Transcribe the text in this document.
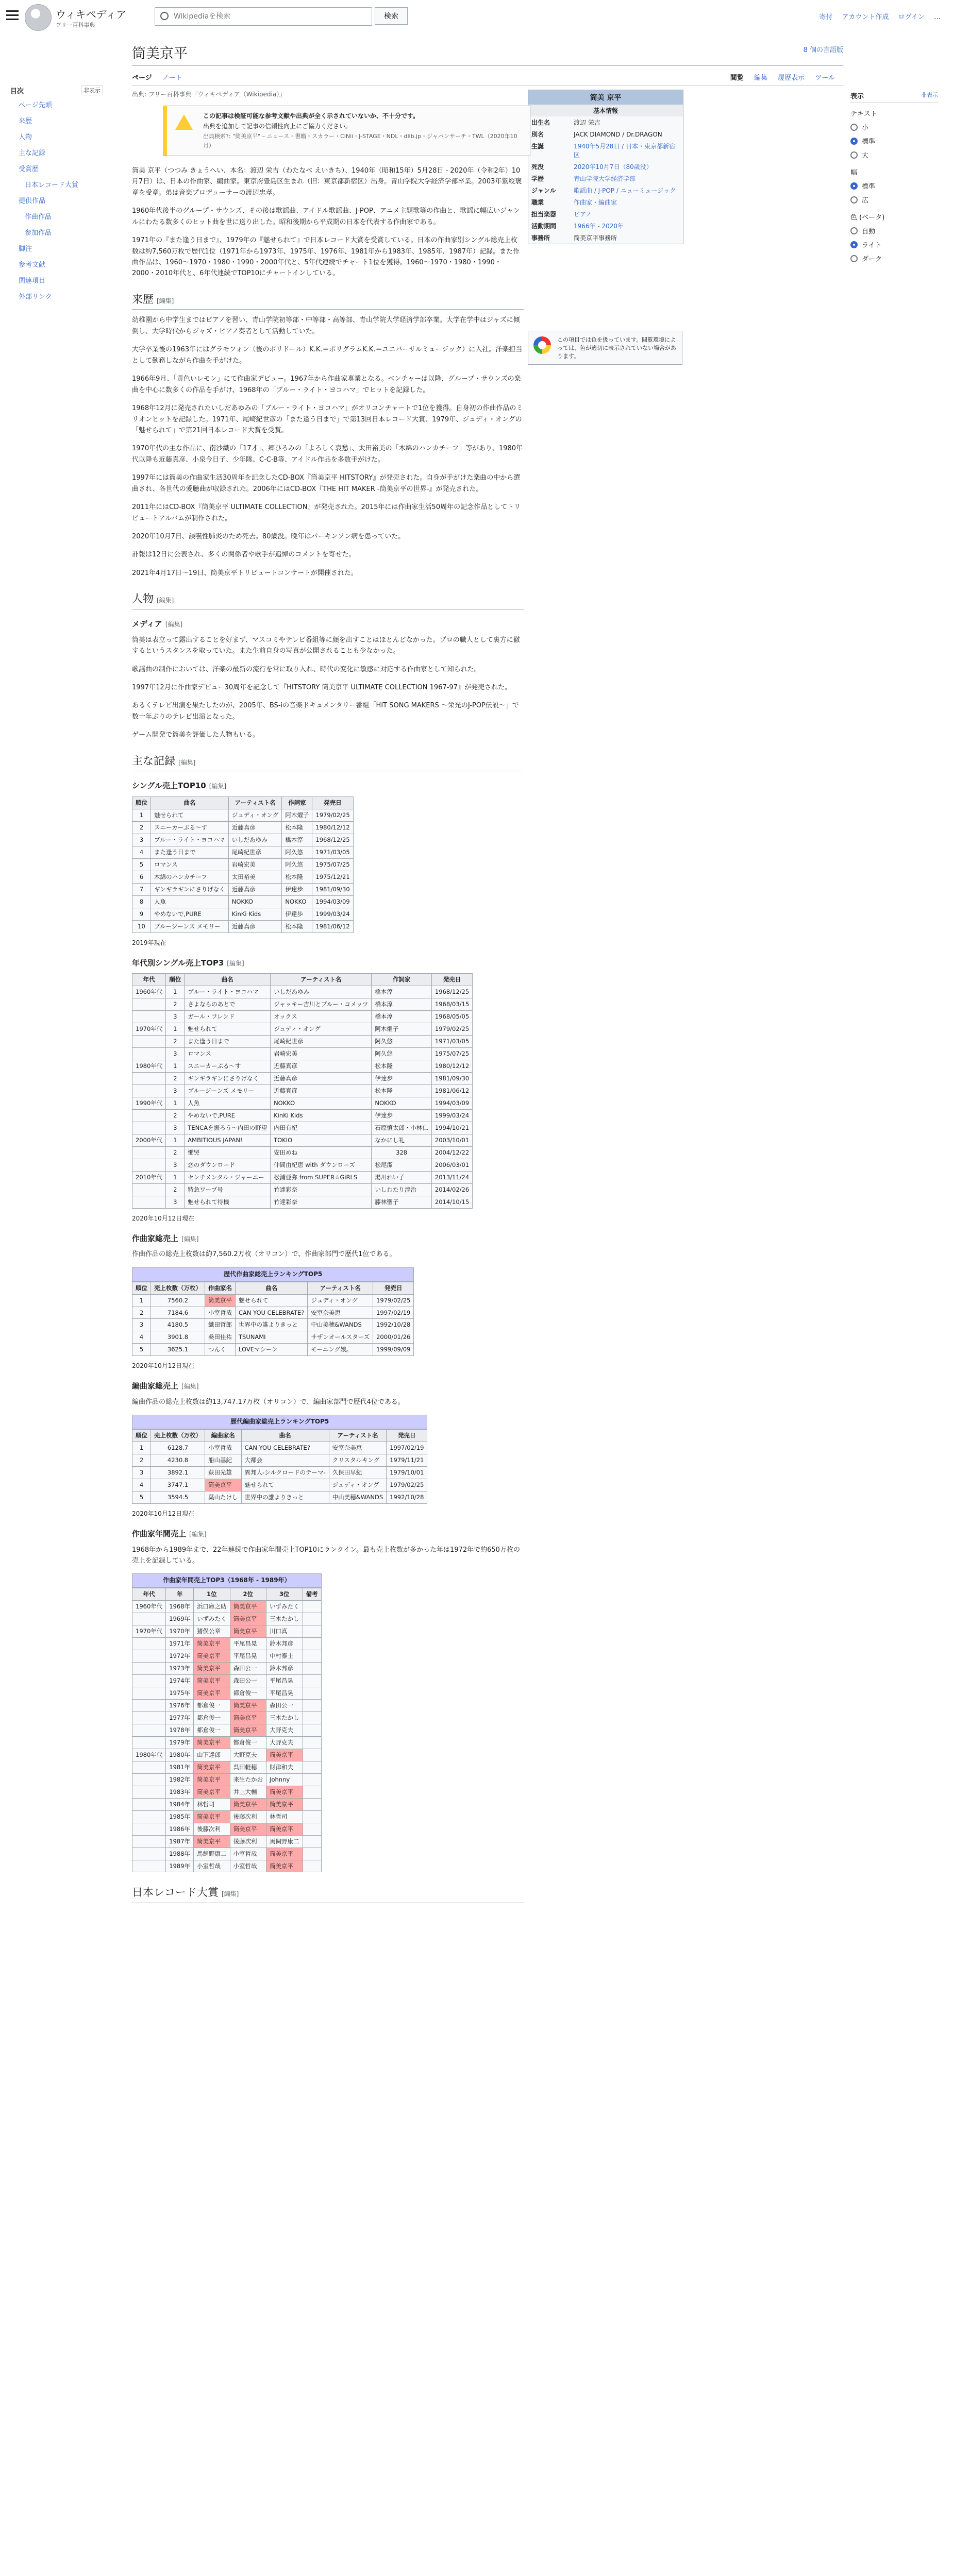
ウィキペディア
フリー百科事典
Wikipediaを検索
検索	寄付 アカウント作成 ログイン …
目次	非表示
ページ先頭
来歴
人物
主な記録
受賞歴
日本レコード大賞
提供作品
作曲作品
参加作品
脚注
参考文献
関連項目
外部リンク
表示	非表示
テキスト
小
標準
大
幅
標準
広
色 (ベータ)
自動
ライト
ダーク
筒美京平	8 個の言語版
ページ ノート	閲覧 編集 履歴表示 ツール
出典: フリー百科事典『ウィキペディア（Wikipedia）』	筒美 京平
基本情報
出生名	渡辺 栄吉
別名	JACK DIAMOND / Dr.DRAGON
生誕	1940年5月28日 / 日本・東京都新宿区
死没	2020年10月7日（80歳没）
学歴	青山学院大学経済学部
ジャンル	歌謡曲 / J-POP / ニューミュージック
職業	作曲家・編曲家
担当楽器	ピアノ
活動期間	1966年 - 2020年
事務所	筒美京平事務所
この項目では色を扱っています。閲覧環境によっては、色が適切に表示されていない場合があります。
この記事は検証可能な参考文献や出典が全く示されていないか、不十分です。
出典を追加して記事の信頼性向上にご協力ください。
出典検索?: "筒美京平" – ニュース・書籍・スカラー・CiNii・J-STAGE・NDL・dlib.jp・ジャパンサーチ・TWL（2020年10月）

筒美 京平（つつみ きょうへい、本名：渡辺 栄吉（わたなべ えいきち）、1940年（昭和15年）5月28日 - 2020年（令和2年）10月7日）は、日本の作曲家、編曲家。東京府豊島区生まれ（旧：東京都新宿区）出身。青山学院大学経済学部卒業。2003年紫綬褒章を受章。弟は音楽プロデューサーの渡辺忠孝。

1960年代後半のグループ・サウンズ、その後は歌謡曲、アイドル歌謡曲、J-POP、アニメ主題歌等の作曲と、歌謡に幅広いジャンルにわたる数多くのヒット曲を世に送り出した。昭和後期から平成期の日本を代表する作曲家である。

1971年の『また逢う日まで』、1979年の『魅せられて』で日本レコード大賞を受賞している。日本の作曲家別シングル総売上枚数は約7,560万枚で歴代1位（1971年から1973年、1975年、1976年、1981年から1983年、1985年、1987年）記録。また作曲作品は、1960～1970・1980・1990・2000年代と、5年代連続でチャート1位を獲得。1960～1970・1980・1990・2000・2010年代と、6年代連続でTOP10にチャートインしている。

来歴 [編集]

幼稚園から中学生まではピアノを習い、青山学院初等部・中等部・高等部、青山学院大学経済学部卒業。大学在学中はジャズに傾倒し、大学時代からジャズ・ピアノ奏者として活動していた。

大学卒業後の1963年にはグラモフォン（後のポリドール）K.K.＝ポリグラムK.K.＝ユニバーサルミュージック）に入社。洋楽担当として勤務しながら作曲を手がけた。

1966年9月、「黄色いレモン」にて作曲家デビュー。1967年から作曲家専業となる。ベンチャーは以降、グループ・サウンズの楽曲を中心に数多くの作品を手がけ、1968年の「ブルー・ライト・ヨコハマ」でヒットを記録した。

1968年12月に発売されたいしだあゆみの「ブルー・ライト・ヨコハマ」がオリコンチャートで1位を獲得。自身初の作曲作品のミリオンヒットを記録した。1971年、尾崎紀世彦の「また逢う日まで」で第13回日本レコード大賞、1979年、ジュディ・オングの「魅せられて」で第21回日本レコード大賞を受賞。

1970年代の主な作品に、南沙織の「17才」、郷ひろみの「よろしく哀愁」、太田裕美の「木綿のハンカチーフ」等があり、1980年代以降も近藤真彦、小泉今日子、少年隊、C-C-B等、アイドル作品を多数手がけた。

1997年には筒美の作曲家生活30周年を記念したCD-BOX『筒美京平 HITSTORY』が発売された。自身が手がけた楽曲の中から選曲され、各世代の愛聴曲が収録された。2006年にはCD-BOX『THE HIT MAKER -筒美京平の世界-』が発売された。

2011年にはCD-BOX『筒美京平 ULTIMATE COLLECTION』が発売された。2015年には作曲家生活50周年の記念作品としてトリビュートアルバムが制作された。

2020年10月7日、誤嚥性肺炎のため死去。80歳没。晩年はパーキンソン病を患っていた。

訃報は12日に公表され、多くの関係者や歌手が追悼のコメントを寄せた。

2021年4月17日〜19日、筒美京平トリビュートコンサートが開催された。

人物 [編集]
メディア [編集]

筒美は表立って露出することを好まず、マスコミやテレビ番組等に顔を出すことはほとんどなかった。プロの職人として裏方に徹するというスタンスを取っていた。また生前自身の写真が公開されることも少なかった。

歌謡曲の制作においては、洋楽の最新の流行を常に取り入れ、時代の変化に敏感に対応する作曲家として知られた。

1997年12月に作曲家デビュー30周年を記念して『HITSTORY 筒美京平 ULTIMATE COLLECTION 1967-97』が発売された。

あるくテレビ出演を果たしたのが、2005年、BS-iの音楽ドキュメンタリー番組「HIT SONG MAKERS 〜栄光のJ-POP伝説〜」で数十年ぶりのテレビ出演となった。

ゲーム開発で筒美を評価した人物もいる。

主な記録 [編集]
シングル売上TOP10 [編集]
順位	曲名	アーティスト名	作詞家	発売日
1	魅せられて	ジュディ・オング	阿木燿子	1979/02/25
2	スニーカーぶる〜す	近藤真彦	松本隆	1980/12/12
3	ブルー・ライト・ヨコハマ	いしだあゆみ	橋本淳	1968/12/25
4	また逢う日まで	尾崎紀世彦	阿久悠	1971/03/05
5	ロマンス	岩崎宏美	阿久悠	1975/07/25
6	木綿のハンカチーフ	太田裕美	松本隆	1975/12/21
7	ギンギラギンにさりげなく	近藤真彦	伊達歩	1981/09/30
8	人魚	NOKKO	NOKKO	1994/03/09
9	やめないで,PURE	KinKi Kids	伊達歩	1999/03/24
10	ブルージーンズ メモリー	近藤真彦	松本隆	1981/06/12
2019年現在
年代別シングル売上TOP3 [編集]
年代	順位	曲名	アーティスト名	作詞家	発売日
1960年代	1	ブルー・ライト・ヨコハマ	いしだあゆみ	橋本淳	1968/12/25
	2	さよならのあとで	ジャッキー吉川とブルー・コメッツ	橋本淳	1968/03/15
	3	ガール・フレンド	オックス	橋本淳	1968/05/05
1970年代	1	魅せられて	ジュディ・オング	阿木燿子	1979/02/25
	2	また逢う日まで	尾崎紀世彦	阿久悠	1971/03/05
	3	ロマンス	岩崎宏美	阿久悠	1975/07/25
1980年代	1	スニーカーぶる〜す	近藤真彦	松本隆	1980/12/12
	2	ギンギラギンにさりげなく	近藤真彦	伊達歩	1981/09/30
	3	ブルージーンズ メモリー	近藤真彦	松本隆	1981/06/12
1990年代	1	人魚	NOKKO	NOKKO	1994/03/09
	2	やめないで,PURE	KinKi Kids	伊達歩	1999/03/24
	3	TENCAを振ろう〜内田の野望	内田有紀	石原慎太郎・小林仁	1994/10/21
2000年代	1	AMBITIOUS JAPAN!	TOKIO	なかにし礼	2003/10/01
	2	慟哭	安田めね	328	2004/12/22
	3	恋のダウンロード	仲間由紀恵 with ダウンローズ	松尾潔	2006/03/01
2010年代	1	センチメンタル・ジャーニー	松浦亜弥 from SUPER☆GiRLS	湯川れい子	2013/11/24
	2	特急ワープ号	竹達彩奈	いしわたり淳治	2014/02/26
	3	魅せられて待機	竹達彩奈	藤林聖子	2014/10/15
2020年10月12日現在
作曲家総売上 [編集]

作曲作品の総売上枚数は約7,560.2万枚（オリコン）で、作曲家部門で歴代1位である。

歴代作曲家総売上ランキングTOP5
順位	売上枚数（万枚）	作曲家名	曲名	アーティスト名	発売日
1	7560.2	筒美京平	魅せられて	ジュディ・オング	1979/02/25
2	7184.6	小室哲哉	CAN YOU CELEBRATE?	安室奈美恵	1997/02/19
3	4180.5	織田哲郎	世界中の誰よりきっと	中山美穂&WANDS	1992/10/28
4	3901.8	桑田佳祐	TSUNAMI	サザンオールスターズ	2000/01/26
5	3625.1	つんく	LOVEマシーン	モーニング娘。	1999/09/09
2020年10月12日現在
編曲家総売上 [編集]

編曲作品の総売上枚数は約13,747.17万枚（オリコン）で、編曲家部門で歴代4位である。

歴代編曲家総売上ランキングTOP5
順位	売上枚数（万枚）	編曲家名	曲名	アーティスト名	発売日
1	6128.7	小室哲哉	CAN YOU CELEBRATE?	安室奈美恵	1997/02/19
2	4230.8	船山基紀	大都会	クリスタルキング	1979/11/21
3	3892.1	萩田光雄	異邦人-シルクロードのテーマ-	久保田早紀	1979/10/01
4	3747.1	筒美京平	魅せられて	ジュディ・オング	1979/02/25
5	3594.5	葉山たけし	世界中の誰よりきっと	中山美穂&WANDS	1992/10/28
2020年10月12日現在
作曲家年間売上 [編集]

1968年から1989年まで、22年連続で作曲家年間売上TOP10にランクイン。最も売上枚数が多かった年は1972年で約650万枚の売上を記録している。

作曲家年間売上TOP3（1968年 - 1989年）
年代	年	1位	2位	3位	備考
1960年代	1968年	浜口庫之助	筒美京平	いずみたく	
	1969年	いずみたく	筒美京平	三木たかし	
1970年代	1970年	猪俣公章	筒美京平	川口真	
	1971年	筒美京平	平尾昌晃	鈴木邦彦	
	1972年	筒美京平	平尾昌晃	中村泰士	
	1973年	筒美京平	森田公一	鈴木邦彦	
	1974年	筒美京平	森田公一	平尾昌晃	
	1975年	筒美京平	都倉俊一	平尾昌晃	
	1976年	都倉俊一	筒美京平	森田公一	
	1977年	都倉俊一	筒美京平	三木たかし	
	1978年	都倉俊一	筒美京平	大野克夫	
	1979年	筒美京平	都倉俊一	大野克夫	
1980年代	1980年	山下達郎	大野克夫	筒美京平	
	1981年	筒美京平	呉田軽穂	財津和夫	
	1982年	筒美京平	来生たかお	Johnny	
	1983年	筒美京平	井上大輔	筒美京平	
	1984年	林哲司	筒美京平	筒美京平	
	1985年	筒美京平	後藤次利	林哲司	
	1986年	後藤次利	筒美京平	筒美京平	
	1987年	筒美京平	後藤次利	馬飼野康二	
	1988年	馬飼野康二	小室哲哉	筒美京平	
	1989年	小室哲哉	小室哲哉	筒美京平	
日本レコード大賞 [編集]
